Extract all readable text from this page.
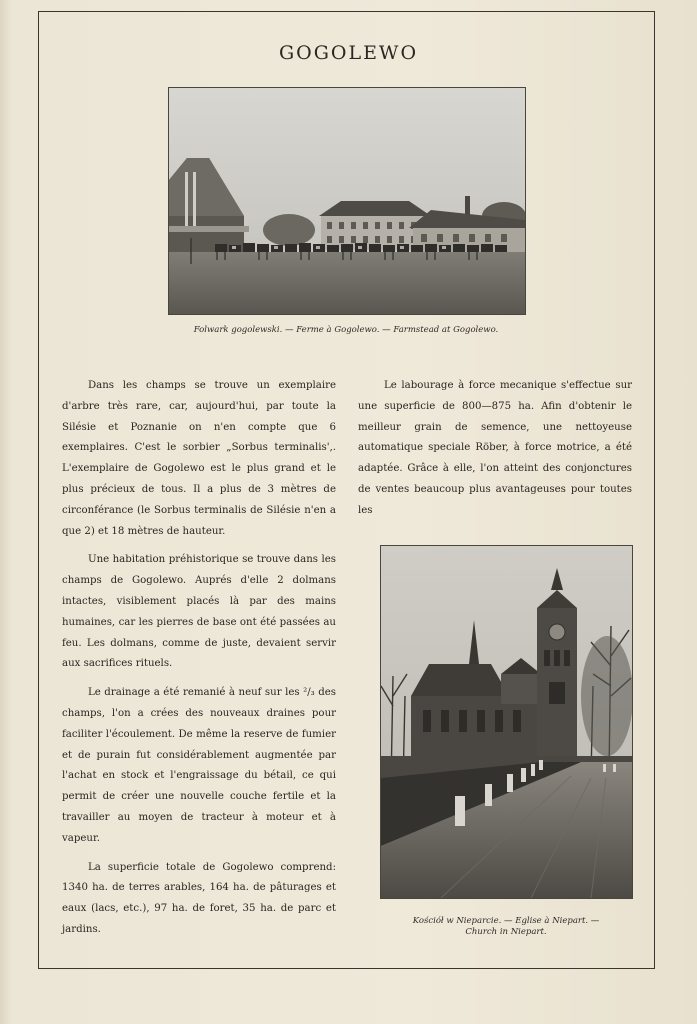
GOGOLEWO
Folwark gogolewski. — Ferme à Gogolewo. — Farmstead at Gogolewo.

Dans les champs se trouve un exemplaire d'arbre très rare, car, aujourd'hui, par toute la Silésie et Poznanie on n'en compte que 6 exemplaires. C'est le sorbier „Sorbus terminalis'‚. L'exemplaire de Gogolewo est le plus grand et le plus précieux de tous. Il a plus de 3 mètres de circonférance (le Sorbus terminalis de Silésie n'en a que 2) et 18 mètres de hauteur.

Une habitation préhistorique se trouve dans les champs de Gogolewo. Auprés d'elle 2 dolmans intactes, visiblement placés là par des mains humaines, car les pierres de base ont été passées au feu. Les dolmans, comme de juste, devaient servir aux sacrifices rituels.

Le drainage a été remanié à neuf sur les ²/₃ des champs, l'on a crées des nouveaux draines pour faciliter l'écoulement. De même la reserve de fumier et de purain fut considérablement augmentée par l'achat en stock et l'engraissage du bétail, ce qui permit de créer une nouvelle couche fertile et la travailler au moyen de tracteur à moteur et à vapeur.

La superficie totale de Gogolewo comprend: 1340 ha. de terres arables, 164 ha. de pâturages et eaux (lacs, etc.), 97 ha. de foret, 35 ha. de parc et jardins.

Le labourage à force mecanique s'effectue sur une superficie de 800—875 ha. Afin d'obtenir le meilleur grain de semence, une nettoyeuse automatique speciale Röber, à force motrice, a été adaptée. Grâce à elle, l'on atteint des conjonctures de ventes beaucoup plus avantageuses pour toutes les

Kościół w Nieparcie. — Eglise à Niepart. —
Church in Niepart.
